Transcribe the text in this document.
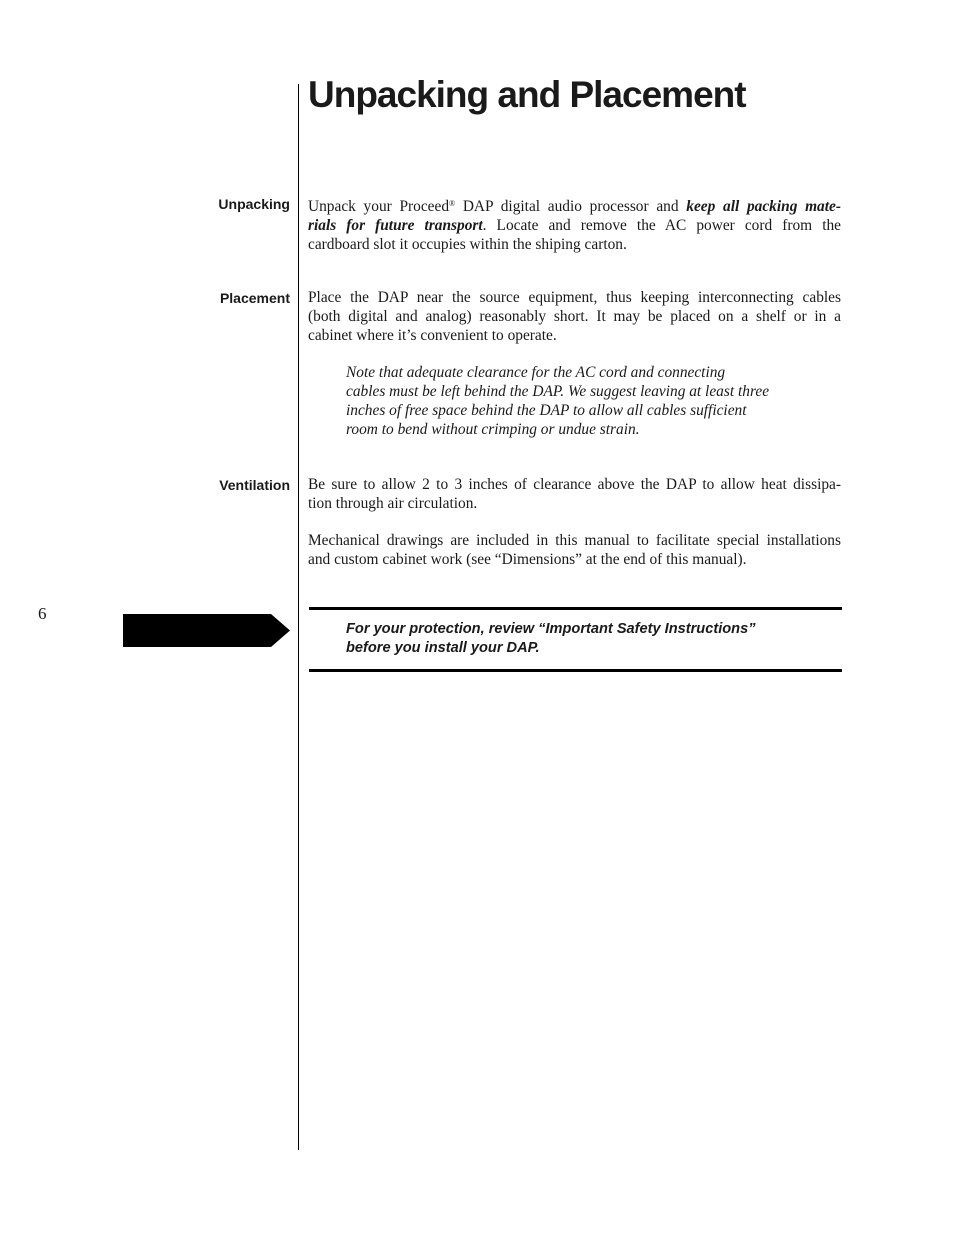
Unpacking and Placement
Unpacking Unpack your Proceed® DAP digital audio processor and keep all packing mate-
rials for future transport. Locate and remove the AC power cord from the
cardboard slot it occupies within the shiping carton.
Placement Place the DAP near the source equipment, thus keeping interconnecting cables
(both digital and analog) reasonably short. It may be placed on a shelf or in a
cabinet where it’s convenient to operate.
Note that adequate clearance for the AC cord and connecting
cables must be left behind the DAP. We suggest leaving at least three
inches of free space behind the DAP to allow all cables sufficient
room to bend without crimping or undue strain.
Ventilation Be sure to allow 2 to 3 inches of clearance above the DAP to allow heat dissipa-
tion through air circulation.
Mechanical drawings are included in this manual to facilitate special installations
and custom cabinet work (see “Dimensions” at the end of this manual).
6
For your protection, review “Important Safety Instructions”
before you install your DAP.
